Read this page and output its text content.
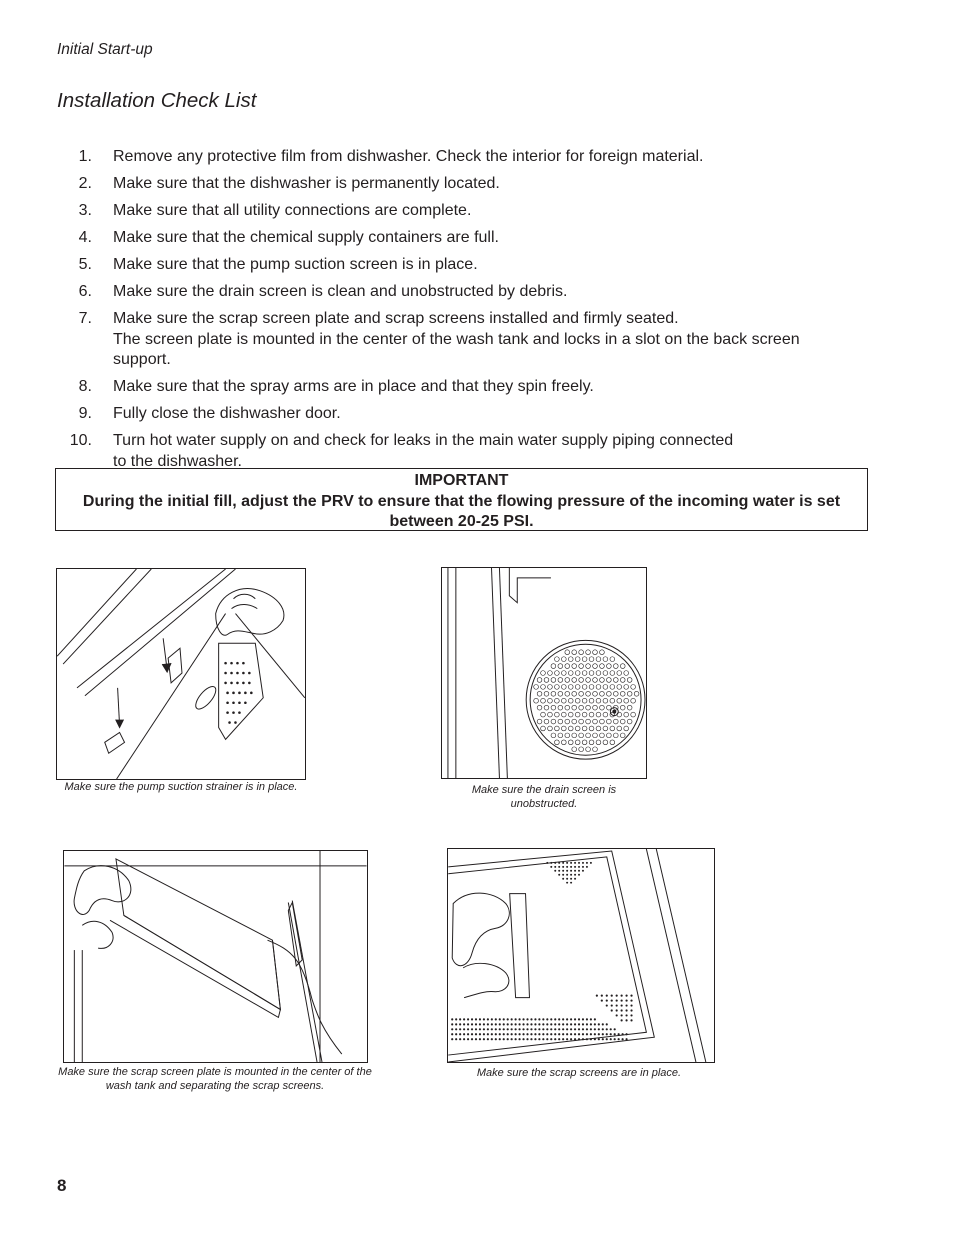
Initial Start-up
Installation Check List
1. Remove any protective film from dishwasher. Check the interior for foreign material.
2. Make sure that the dishwasher is permanently located.
3. Make sure that all utility connections are complete.
4. Make sure that the chemical supply containers are full.
5. Make sure that the pump suction screen is in place.
6. Make sure the drain screen is clean and unobstructed by debris.
7. Make sure the scrap screen plate and scrap screens installed and firmly seated.
The screen plate is mounted in the center of the wash tank and locks in a slot on the back screen support.
8. Make sure that the spray arms are in place and that they spin freely.
9. Fully close the dishwasher door.
10. Turn hot water supply on and check for leaks in the main water supply piping connected
to the dishwasher.
IMPORTANT
During the initial fill, adjust the PRV to ensure that the flowing pressure of the incoming water is set between 20-25 PSI.
Make sure the pump suction strainer is in place.	Make sure the drain screen is unobstructed.
Make sure the scrap screen plate is mounted in the center of the wash tank and separating the scrap screens.
Make sure the scrap screens are in place.
8
